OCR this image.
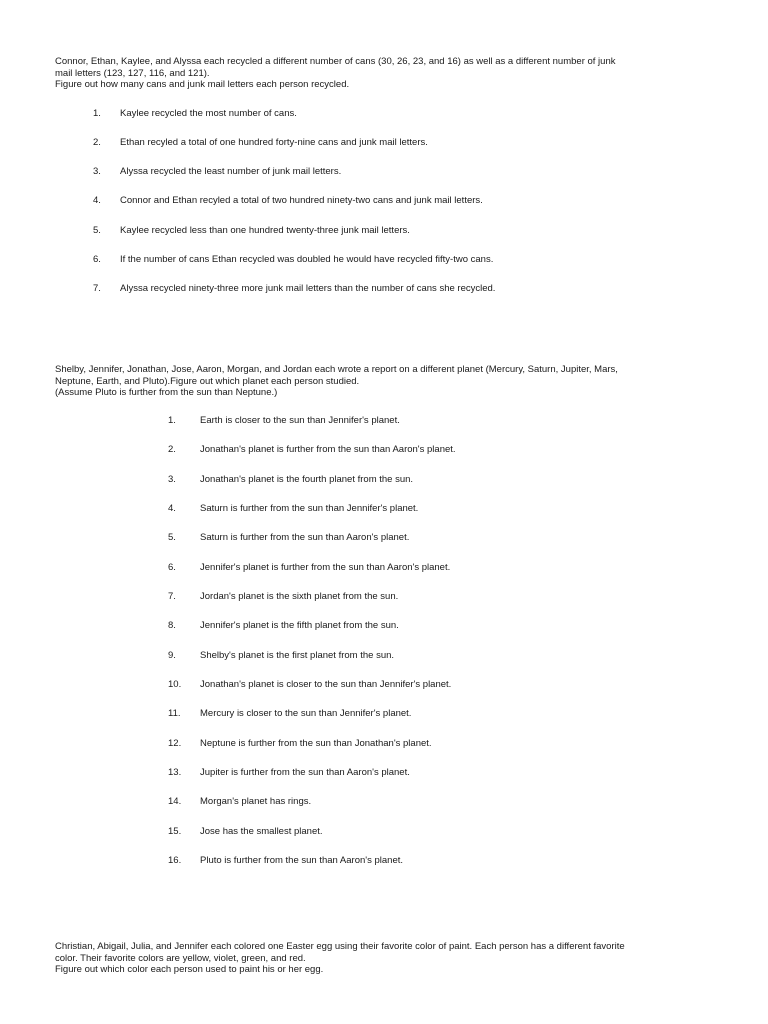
Connor, Ethan, Kaylee, and Alyssa each recycled a different number of cans (30, 26, 23, and 16) as well as a different number of junk

mail letters (123, 127, 116, and 121).

Figure out how many cans and junk mail letters each person recycled.

1.	Kaylee recycled the most number of cans.
2.	Ethan recyled a total of one hundred forty-nine cans and junk mail letters.
3.	Alyssa recycled the least number of junk mail letters.
4.	Connor and Ethan recyled a total of two hundred ninety-two cans and junk mail letters.
5.	Kaylee recycled less than one hundred twenty-three junk mail letters.
6.	If the number of cans Ethan recycled was doubled he would have recycled fifty-two cans.
7.	Alyssa recycled ninety-three more junk mail letters than the number of cans she recycled.

Shelby, Jennifer, Jonathan, Jose, Aaron, Morgan, and Jordan each wrote a report on a different planet (Mercury, Saturn, Jupiter, Mars,

Neptune, Earth, and Pluto).Figure out which planet each person studied.

(Assume Pluto is further from the sun than Neptune.)

1.	Earth is closer to the sun than Jennifer's planet.
2.	Jonathan's planet is further from the sun than Aaron's planet.
3.	Jonathan's planet is the fourth planet from the sun.
4.	Saturn is further from the sun than Jennifer's planet.
5.	Saturn is further from the sun than Aaron's planet.
6.	Jennifer's planet is further from the sun than Aaron's planet.
7.	Jordan's planet is the sixth planet from the sun.
8.	Jennifer's planet is the fifth planet from the sun.
9.	Shelby's planet is the first planet from the sun.
10.	Jonathan's planet is closer to the sun than Jennifer's planet.
11.	Mercury is closer to the sun than Jennifer's planet.
12.	Neptune is further from the sun than Jonathan's planet.
13.	Jupiter is further from the sun than Aaron's planet.
14.	Morgan's planet has rings.
15.	Jose has the smallest planet.
16.	Pluto is further from the sun than Aaron's planet.

Christian, Abigail, Julia, and Jennifer each colored one Easter egg using their favorite color of paint. Each person has a different favorite

color. Their favorite colors are yellow, violet, green, and red.

Figure out which color each person used to paint his or her egg.
